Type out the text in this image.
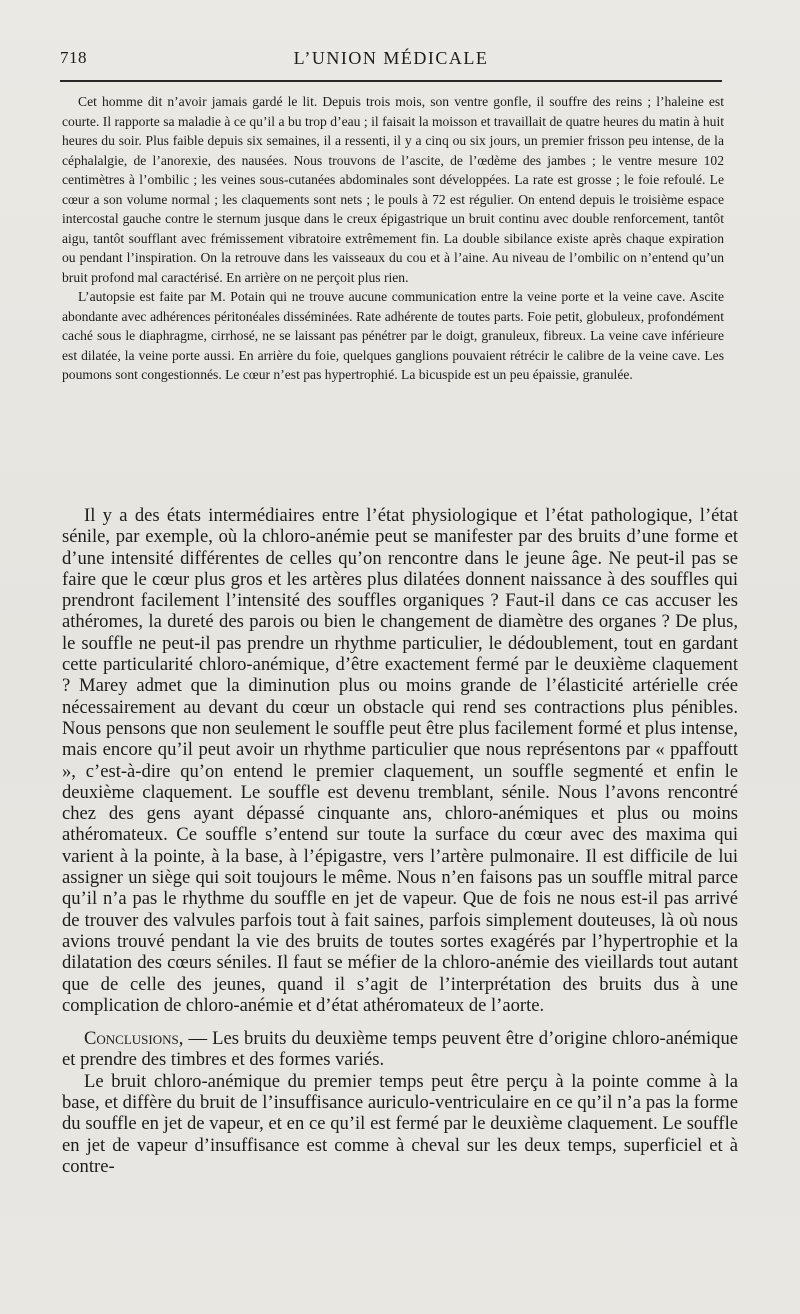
718	L’UNION MÉDICALE

Cet homme dit n’avoir jamais gardé le lit. Depuis trois mois, son ventre gonfle, il souffre des reins ; l’haleine est courte. Il rapporte sa maladie à ce qu’il a bu trop d’eau ; il faisait la moisson et travaillait de quatre heures du matin à huit heures du soir. Plus faible depuis six semaines, il a ressenti, il y a cinq ou six jours, un premier frisson peu intense, de la céphalalgie, de l’anorexie, des nausées. Nous trouvons de l’ascite, de l’œdème des jambes ; le ventre mesure 102 centimètres à l’ombilic ; les veines sous-cutanées abdominales sont développées. La rate est grosse ; le foie refoulé. Le cœur a son volume normal ; les claquements sont nets ; le pouls à 72 est régulier. On entend depuis le troisième espace intercostal gauche contre le sternum jusque dans le creux épigastrique un bruit continu avec double renforcement, tantôt aigu, tantôt soufflant avec frémissement vibratoire extrêmement fin. La double sibilance existe après chaque expiration ou pendant l’inspiration. On la retrouve dans les vaisseaux du cou et à l’aine. Au niveau de l’ombilic on n’entend qu’un bruit profond mal caractérisé. En arrière on ne perçoit plus rien.

L’autopsie est faite par M. Potain qui ne trouve aucune communication entre la veine porte et la veine cave. Ascite abondante avec adhérences péritonéales disséminées. Rate adhérente de toutes parts. Foie petit, globuleux, profondément caché sous le diaphragme, cirrhosé, ne se laissant pas pénétrer par le doigt, granuleux, fibreux. La veine cave inférieure est dilatée, la veine porte aussi. En arrière du foie, quelques ganglions pouvaient rétrécir le calibre de la veine cave. Les poumons sont congestionnés. Le cœur n’est pas hypertrophié. La bicuspide est un peu épaissie, granulée.

Il y a des états intermédiaires entre l’état physiologique et l’état pathologique, l’état sénile, par exemple, où la chloro-anémie peut se manifester par des bruits d’une forme et d’une intensité différentes de celles qu’on rencontre dans le jeune âge. Ne peut-il pas se faire que le cœur plus gros et les artères plus dilatées donnent naissance à des souffles qui prendront facilement l’intensité des souffles organiques ? Faut-il dans ce cas accuser les athéromes, la dureté des parois ou bien le changement de diamètre des organes ? De plus, le souffle ne peut-il pas prendre un rhythme particulier, le dédoublement, tout en gardant cette particularité chloro-anémique, d’être exactement fermé par le deuxième claquement ? Marey admet que la diminution plus ou moins grande de l’élasticité artérielle crée nécessairement au devant du cœur un obstacle qui rend ses contractions plus pénibles. Nous pensons que non seulement le souffle peut être plus facilement formé et plus intense, mais encore qu’il peut avoir un rhythme particulier que nous représentons par « ppaffoutt », c’est-à-dire qu’on entend le premier claquement, un souffle segmenté et enfin le deuxième claquement. Le souffle est devenu tremblant, sénile. Nous l’avons rencontré chez des gens ayant dépassé cinquante ans, chloro-anémiques et plus ou moins athéromateux. Ce souffle s’entend sur toute la surface du cœur avec des maxima qui varient à la pointe, à la base, à l’épigastre, vers l’artère pulmonaire. Il est difficile de lui assigner un siège qui soit toujours le même. Nous n’en faisons pas un souffle mitral parce qu’il n’a pas le rhythme du souffle en jet de vapeur. Que de fois ne nous est-il pas arrivé de trouver des valvules parfois tout à fait saines, parfois simplement douteuses, là où nous avions trouvé pendant la vie des bruits de toutes sortes exagérés par l’hypertrophie et la dilatation des cœurs séniles. Il faut se méfier de la chloro-anémie des vieillards tout autant que de celle des jeunes, quand il s’agit de l’interprétation des bruits dus à une complication de chloro-anémie et d’état athéromateux de l’aorte.

Conclusions, — Les bruits du deuxième temps peuvent être d’origine chloro-anémique et prendre des timbres et des formes variés.

Le bruit chloro-anémique du premier temps peut être perçu à la pointe comme à la base, et diffère du bruit de l’insuffisance auriculo-ventriculaire en ce qu’il n’a pas la forme du souffle en jet de vapeur, et en ce qu’il est fermé par le deuxième claquement. Le souffle en jet de vapeur d’insuffisance est comme à cheval sur les deux temps, superficiel et à contre-
